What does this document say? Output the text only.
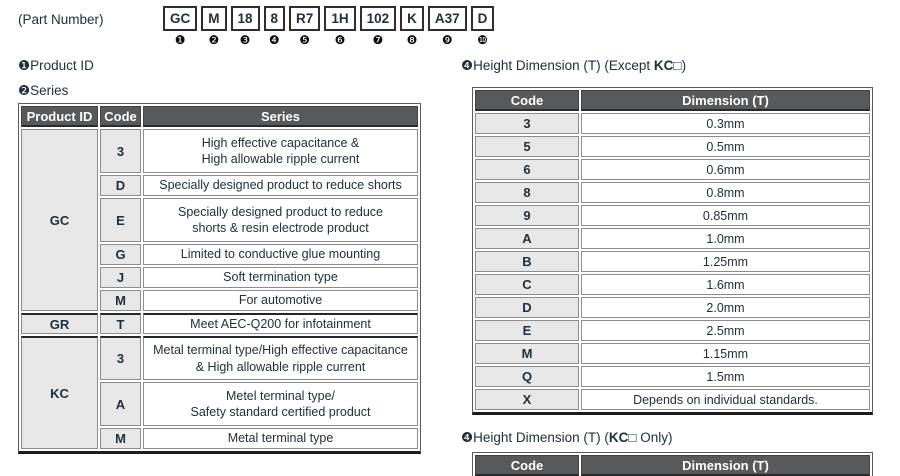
(Part Number)	GC
❶
M
❷
18
❸
8
❹
R7
❺
1H
❻
102
❼
K
❽
A37
❾
D
❿
❶Product ID
❷Series
Product ID	Code	Series
GC	3	High effective capacitance &
High allowable ripple current

	D	Specially designed product to reduce shorts

	E	Specially designed product to reduce
shorts & resin electrode product

	G	Limited to conductive glue mounting

	J	Soft termination type

	M	For automotive

GR	T	Meet AEC-Q200 for infotainment

KC	3	Metal terminal type/High effective capacitance
& High allowable ripple current

	A	Metel terminal type/
Safety standard certified product

	M	Metal terminal type
❹Height Dimension (T) (Except KC□)
Code	Dimension (T)
3	0.3mm
5	0.5mm
6	0.6mm
8	0.8mm
9	0.85mm
A	1.0mm
B	1.25mm
C	1.6mm
D	2.0mm
E	2.5mm
M	1.15mm
Q	1.5mm
X	Depends on individual standards.
❹Height Dimension (T) (KC□ Only)
Code	Dimension (T)
